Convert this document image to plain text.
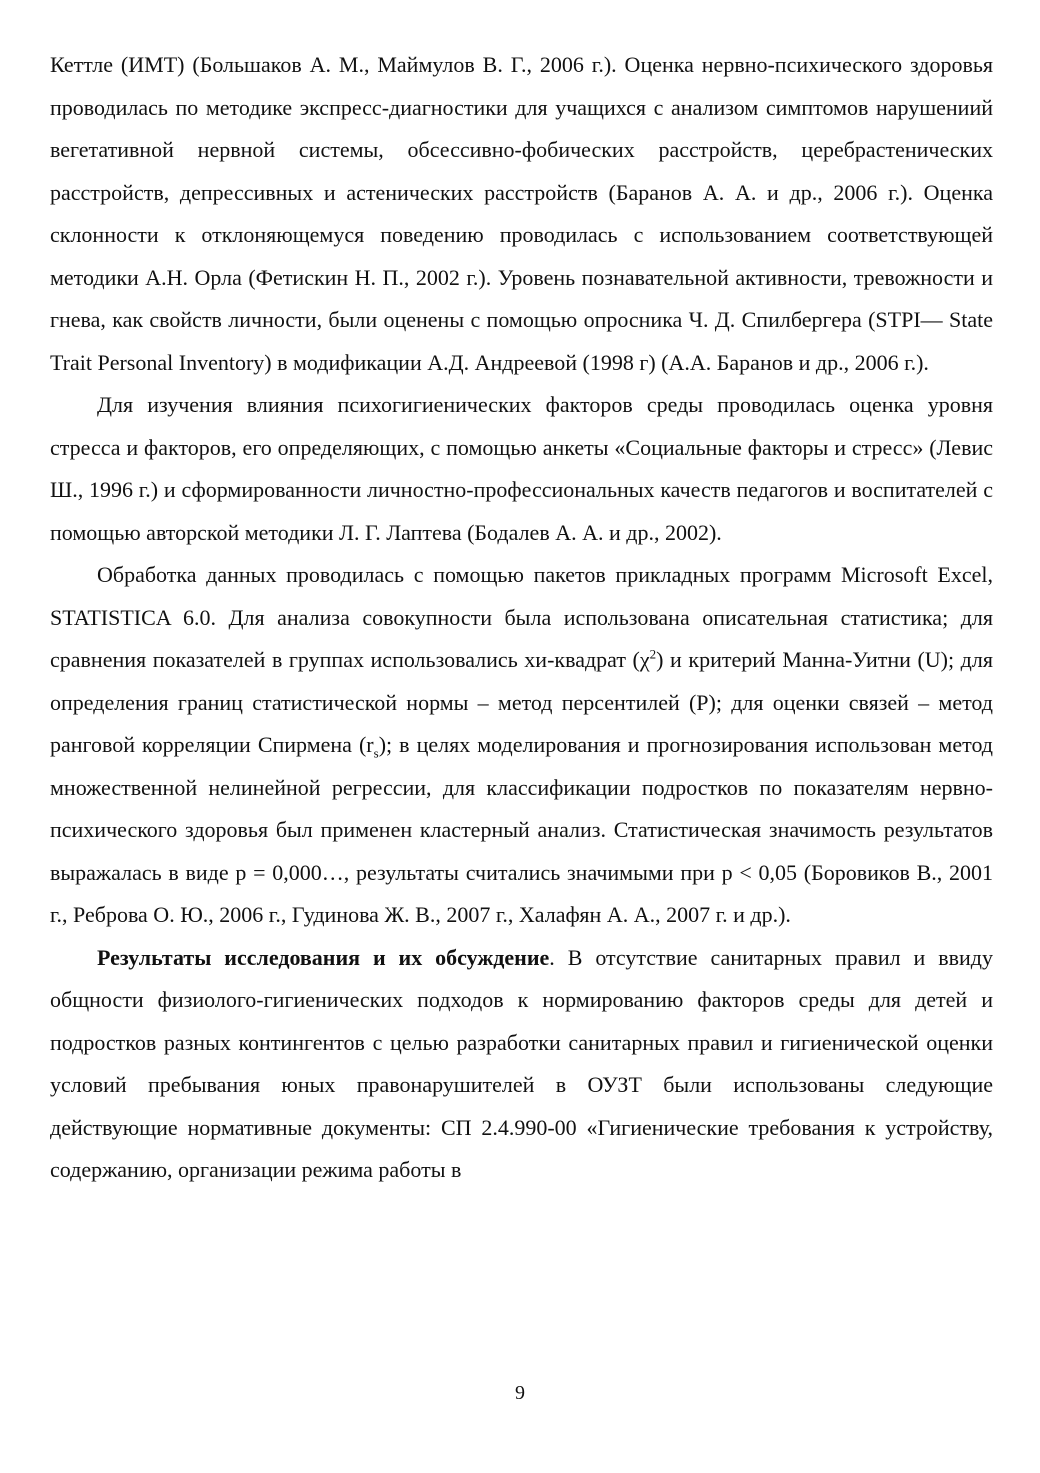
Кеттле (ИМТ) (Большаков А. М., Маймулов В. Г., 2006 г.). Оценка нервно-психического здоровья проводилась по методике экспресс-диагностики для учащихся с анализом симптомов нарушениий вегетативной нервной системы, обсессивно-фобических расстройств, церебрастенических расстройств, депрессивных и астенических расстройств (Баранов А. А. и др., 2006 г.). Оценка склонности к отклоняющемуся поведению проводилась с использованием соответствующей методики А.Н. Орла (Фетискин Н. П., 2002 г.). Уровень познавательной активности, тревожности и гнева, как свойств личности, были оценены с помощью опросника Ч. Д. Спилбергера (STPI— State Trait Personal Inventory) в модификации А.Д. Андреевой (1998 г) (А.А. Баранов и др., 2006 г.).

Для изучения влияния психогигиенических факторов среды проводилась оценка уровня стресса и факторов, его определяющих, с помощью анкеты «Социальные факторы и стресс» (Левис Ш., 1996 г.) и сформированности личностно-профессиональных качеств педагогов и воспитателей с помощью авторской методики Л. Г. Лаптева (Бодалев А. А. и др., 2002).

Обработка данных проводилась с помощью пакетов прикладных программ Microsoft Excel, STATISTICA 6.0. Для анализа совокупности была использована описательная статистика; для сравнения показателей в группах использовались хи-квадрат $(\chi^2)$ и критерий Манна-Уитни (U); для определения границ статистической нормы – метод персентилей (P); для оценки связей – метод ранговой корреляции Спирмена $(r_s)$; в целях моделирования и прогнозирования использован метод множественной нелинейной регрессии, для классификации подростков по показателям нервно-психического здоровья был применен кластерный анализ. Статистическая значимость результатов выражалась в виде p = 0,000…, результаты считались значимыми при p < 0,05 (Боровиков В., 2001 г., Реброва О. Ю., 2006 г., Гудинова Ж. В., 2007 г., Халафян А. А., 2007 г. и др.).

Результаты исследования и их обсуждение. В отсутствие санитарных правил и ввиду общности физиолого-гигиенических подходов к нормированию факторов среды для детей и подростков разных контингентов с целью разработки санитарных правил и гигиенической оценки условий пребывания юных правонарушителей в ОУЗТ были использованы следующие действующие нормативные документы: СП 2.4.990-00 «Гигиенические требования к устройству, содержанию, организации режима работы в

9
